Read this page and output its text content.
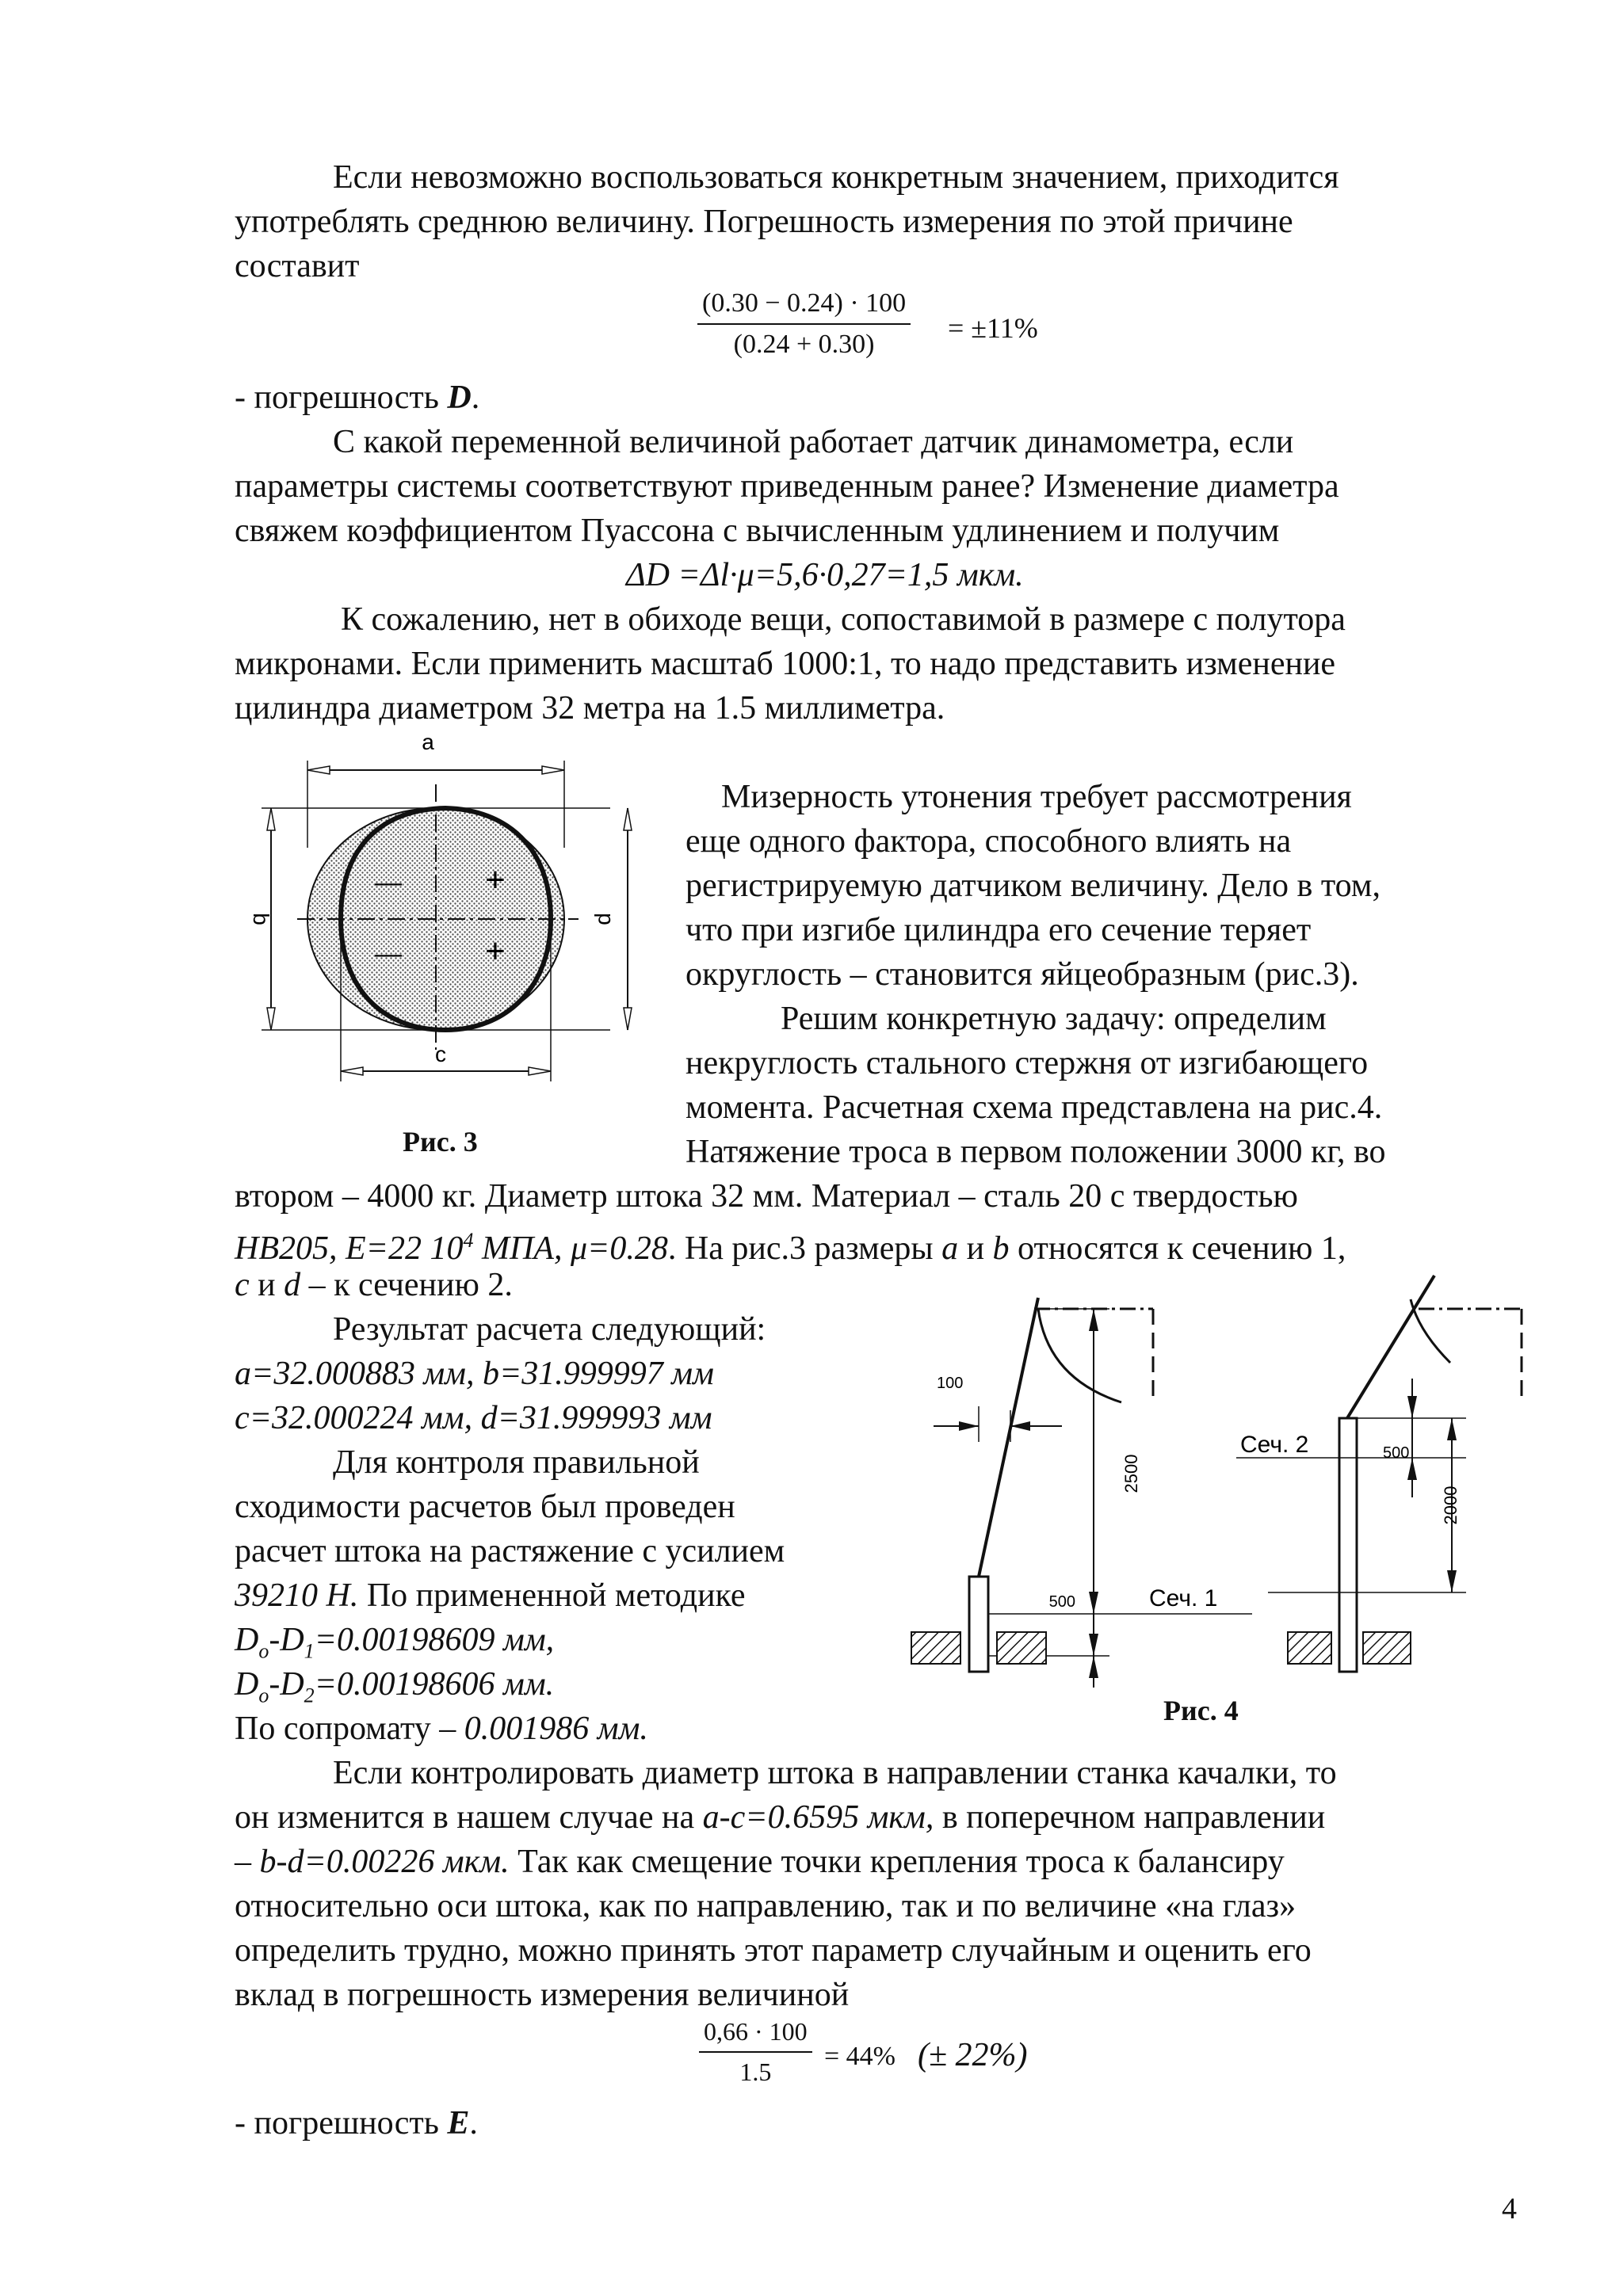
Если невозможно воспользоваться конкретным значением, приходится
употреблять среднюю величину. Погрешность измерения по этой причине
составит
$\frac{(0.30 - 0.24) \cdot 100}{(0.24 + 0.30)} = \pm 11\%$
- погрешность D.
С какой переменной величиной работает датчик динамометра, если
параметры системы соответствуют приведенным ранее? Изменение диаметра
свяжем коэффициентом Пуассона с вычисленным удлинением и получим
ΔD =Δl·μ=5,6·0,27=1,5 мкм.
К сожалению, нет в обиходе вещи, сопоставимой в размере с полутора
микронами. Если применить масштаб 1000:1, то надо представить изменение
цилиндра диаметром 32 метра на 1.5 миллиметра.
a
b	d
—
—
+
+
c
Рис. 3
Мизерность утонения требует рассмотрения
еще одного фактора, способного влиять на
регистрируемую датчиком величину. Дело в том,
что при изгибе цилиндра его сечение теряет
округлость – становится яйцеобразным (рис.3).
Решим конкретную задачу: определим
некруглость стального стержня от изгибающего
момента. Расчетная схема представлена на рис.4.
Натяжение троса в первом положении 3000 кг, во
втором – 4000 кг. Диаметр штока 32 мм. Материал – сталь 20 с твердостью
HB205, E=22 $10^4$ МПА, μ=0.28. На рис.3 размеры a и b относятся к сечению 1,
c и d – к сечению 2.
Результат расчета следующий:
a=32.000883 мм, b=31.999997 мм
c=32.000224 мм, d=31.999993 мм
Для контроля правильной
сходимости расчетов был проведен
расчет штока на растяжение с усилием
39210 Н. По примененной методике
$D_o-D_1=0.00198609$ мм,
$D_o-D_2=0.00198606$ мм.
По сопромату – 0.001986 мм.
100
2500
500	Сеч. 1
500
2000
Сеч. 2
Рис. 4
Если контролировать диаметр штока в направлении станка качалки, то
он изменится в нашем случае на a-c=0.6595 мкм, в поперечном направлении
– b-d=0.00226 мкм. Так как смещение точки крепления троса к балансиру
относительно оси штока, как по направлению, так и по величине «на глаз»
определить трудно, можно принять этот параметр случайным и оценить его
вклад в погрешность измерения величиной
$\frac{0,66 \cdot 100}{1.5} = 44\%$ (± 22%)
- погрешность E.
4
